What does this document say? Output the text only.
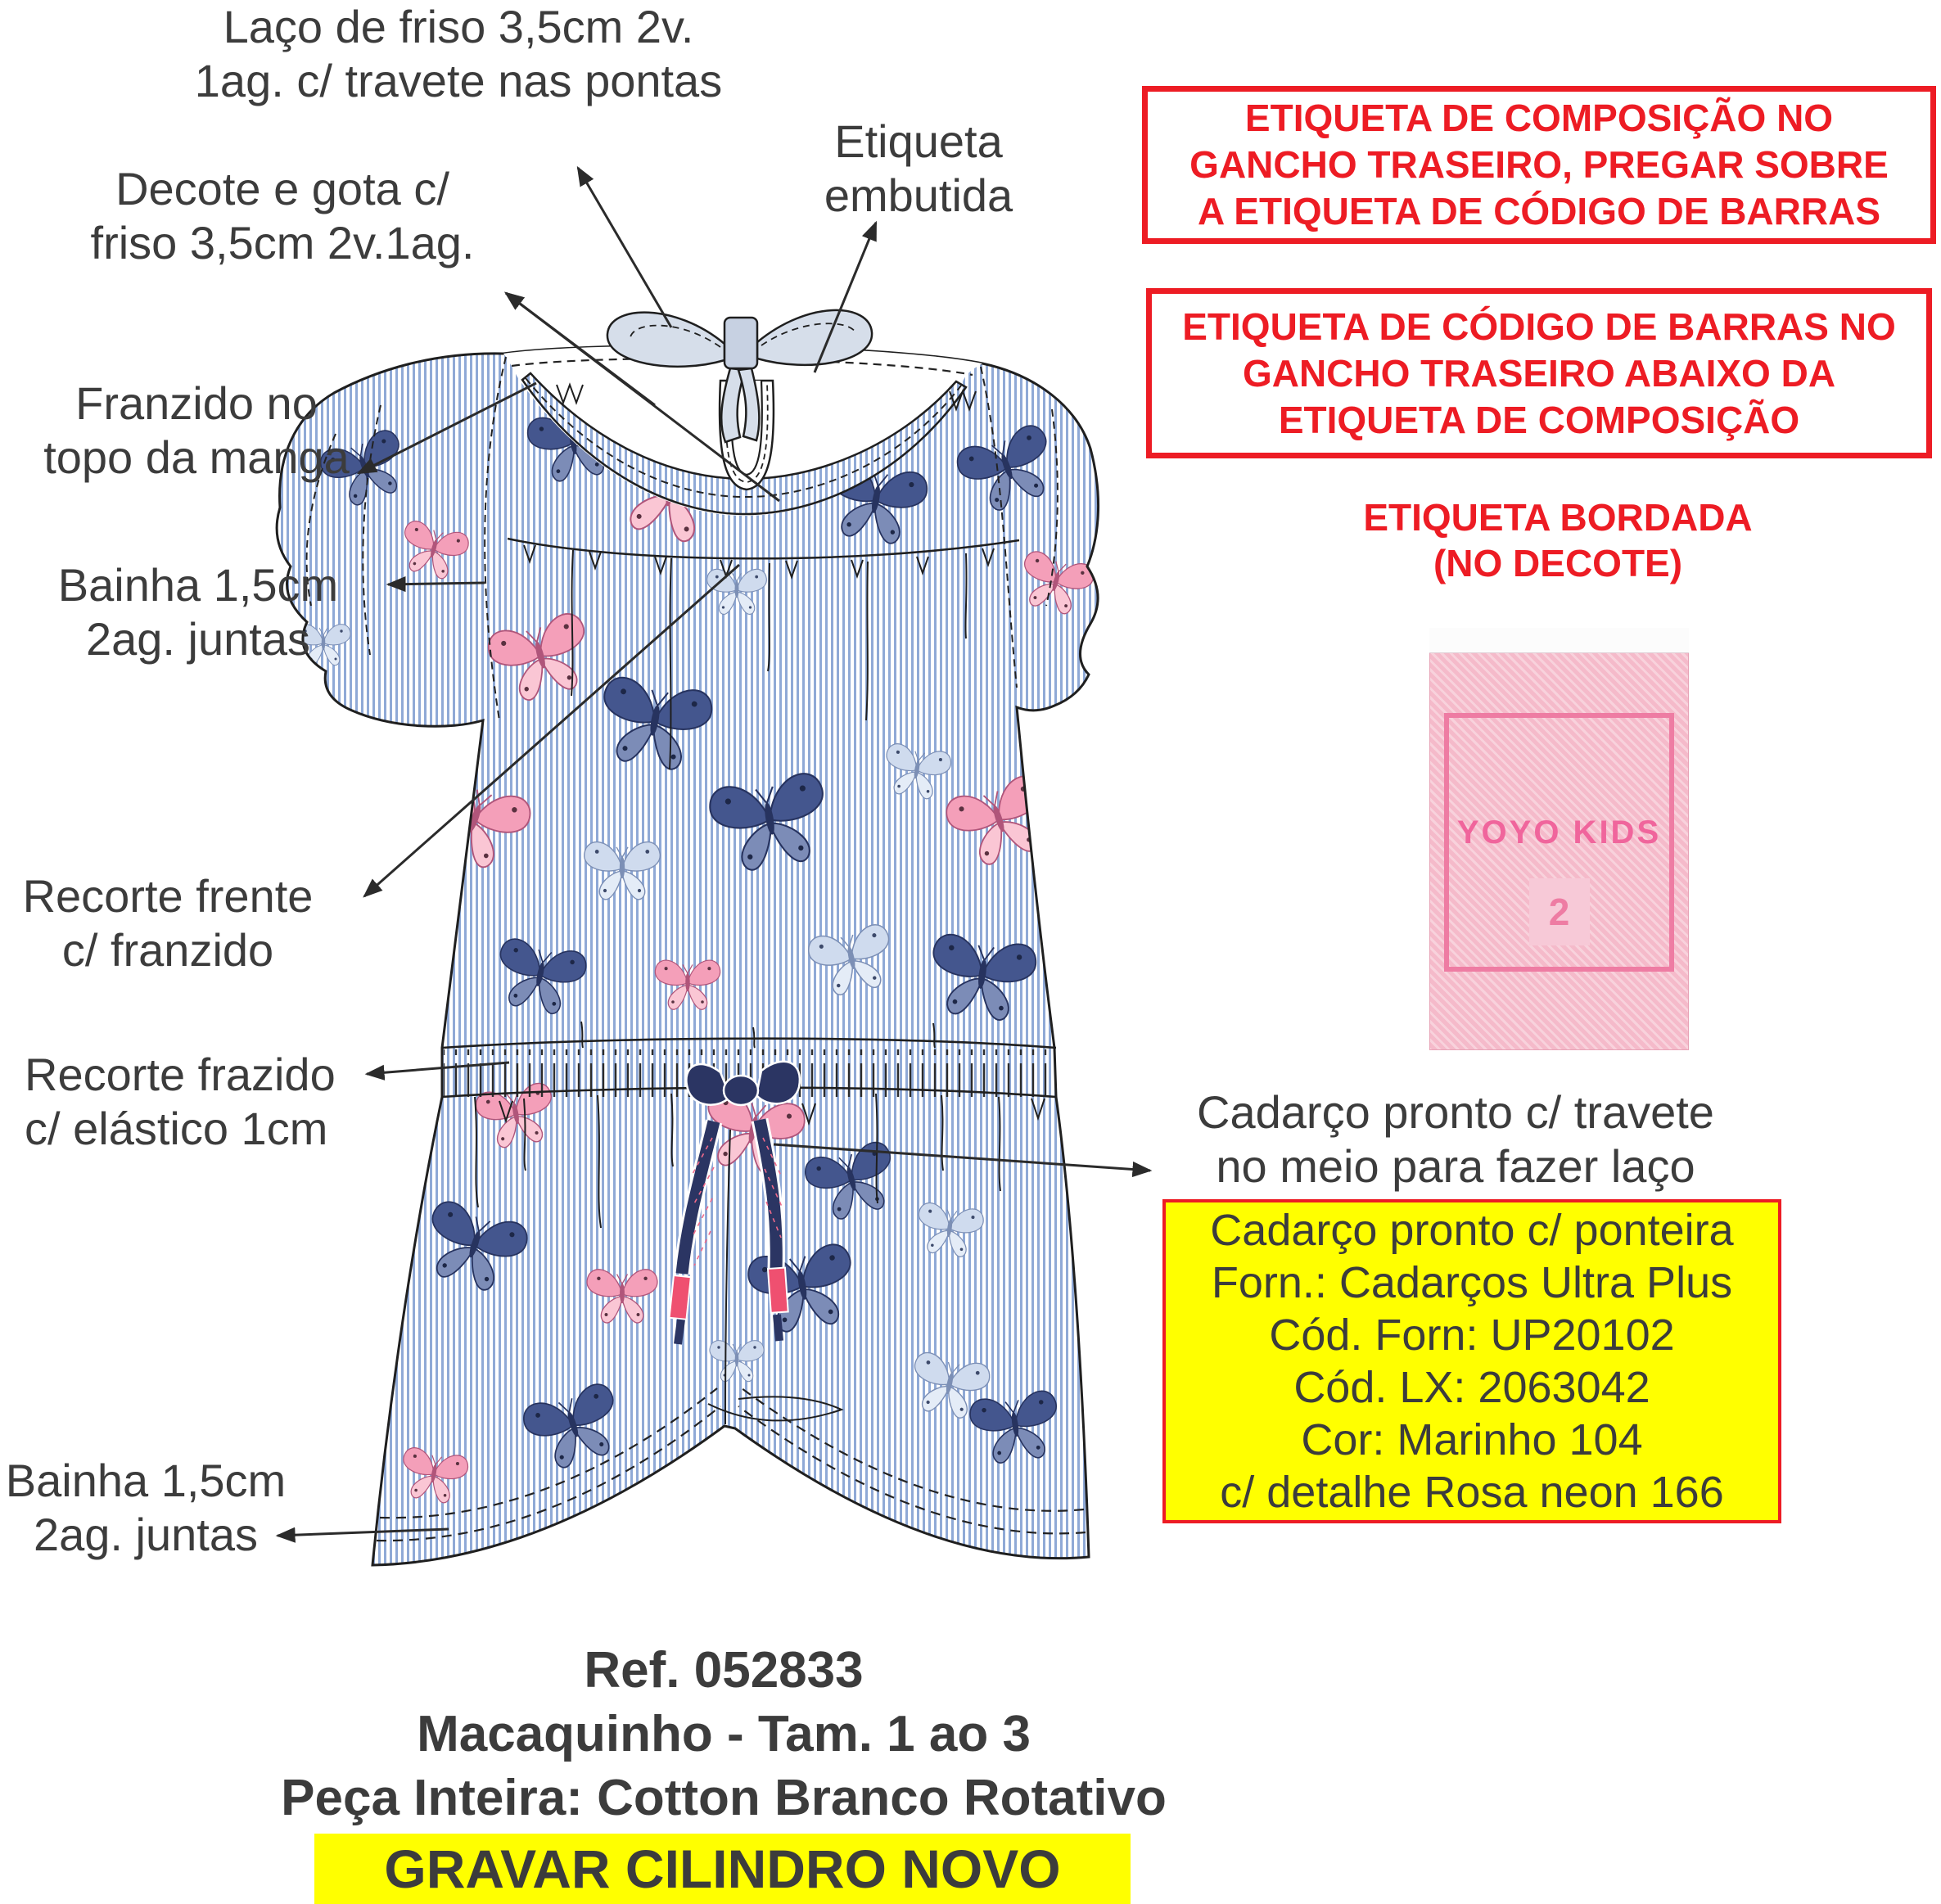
Laço de friso 3,5cm 2v.
1ag. c/ travete nas pontas
Decote e gota c/
friso 3,5cm 2v.1ag.
Franzido no
topo da manga
Bainha 1,5cm
2ag. juntas
Recorte frente
c/ franzido
Recorte frazido
c/ elástico 1cm
Bainha 1,5cm
2ag. juntas
Etiqueta
embutida
Cadarço pronto c/ travete
no meio para fazer laço
ETIQUETA DE COMPOSIÇÃO NO
GANCHO TRASEIRO, PREGAR SOBRE
A ETIQUETA DE CÓDIGO DE BARRAS
ETIQUETA DE CÓDIGO DE BARRAS NO
GANCHO TRASEIRO ABAIXO DA
ETIQUETA DE COMPOSIÇÃO
ETIQUETA BORDADA
(NO DECOTE)
YOYO KIDS
2
Cadarço pronto c/ ponteira
Forn.: Cadarços Ultra Plus
Cód. Forn: UP20102
Cód. LX: 2063042
Cor: Marinho 104
c/ detalhe Rosa neon 166
Ref. 052833
Macaquinho - Tam. 1 ao 3
Peça Inteira: Cotton Branco Rotativo
GRAVAR CILINDRO NOVO
